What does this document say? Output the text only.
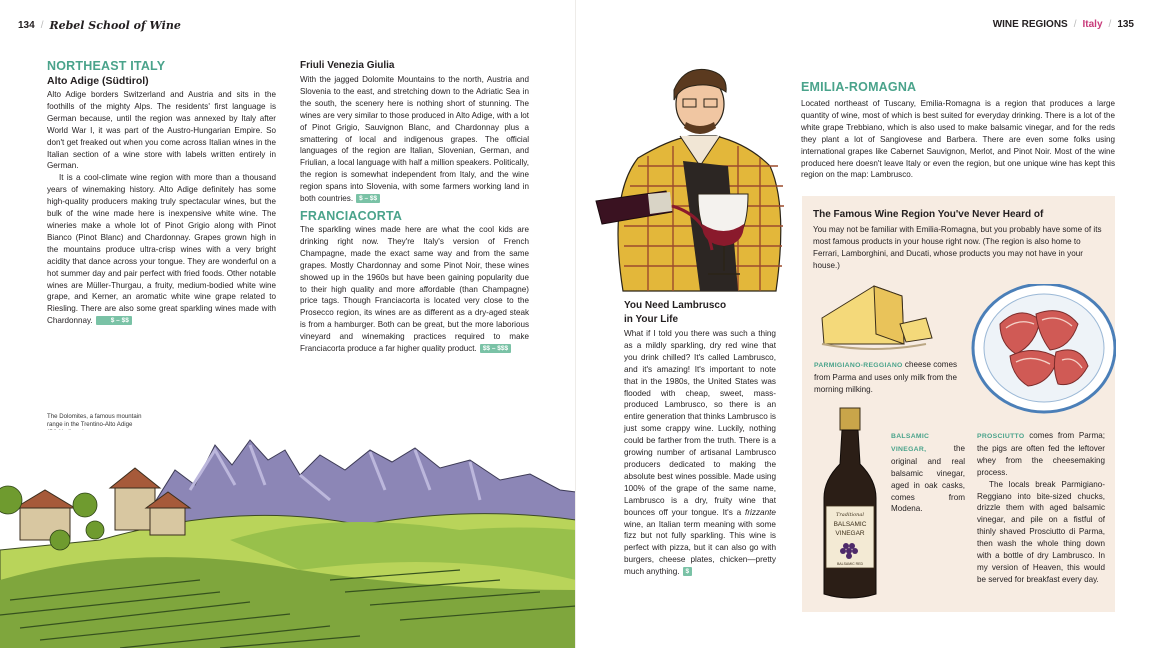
134 / Rebel School of Wine
NORTHEAST ITALY
Alto Adige (Südtirol)

Alto Adige borders Switzerland and Austria and sits in the foothills of the mighty Alps. The residents' first language is German because, until the region was annexed by Italy after World War I, it was part of the Austro-Hungarian Empire. So don't get freaked out when you come across Italian wines in the Italian section of a wine store with labels written entirely in German.

It is a cool-climate wine region with more than a thousand years of winemaking history. Alto Adige definitely has some high-quality producers making truly spectacular wines, but the bulk of the wine made here is inexpensive white wine. The wineries make a whole lot of Pinot Grigio along with Pinot Bianco (Pinot Blanc) and Chardonnay. Grapes grown high in the mountains produce ultra-crisp wines with a very bright acidity that dance across your tongue. They are wonderful on a hot summer day and pair perfect with fried foods. Other notable wines are Müller-Thurgau, a fruity, medium-bodied white wine grape, and Kerner, an aromatic white wine grape related to Riesling. There are also some great sparkling wines made with Chardonnay.	$ – $$

Friuli Venezia Giulia

With the jagged Dolomite Mountains to the north, Austria and Slovenia to the east, and stretching down to the Adriatic Sea in the south, the scenery here is nothing short of stunning. The wines are very similar to those produced in Alto Adige, with a lot of Pinot Grigio, Sauvignon Blanc, and Chardonnay plus a smattering of local and indigenous grapes. The official languages of the region are Italian, Slovenian, German, and Friulian, a local language with half a million speakers. Politically, the region is somewhat independent from Italy, and the wine region spans into Slovenia, with some farmers working land in both countries. $ – $$

FRANCIACORTA

The sparkling wines made here are what the cool kids are drinking right now. They're Italy's version of French Champagne, made the exact same way and from the same grapes. Mostly Chardonnay and some Pinot Noir, these wines showed up in the 1960s but have been gaining popularity due to their high quality and more affordable (than Champagne) price tags. Though Franciacorta is located very close to the Prosecco region, its wines are as different as a dry-aged steak is from a hamburger. Both can be great, but the more laborious vineyard and winemaking practices required to make Franciacorta produce a far higher quality product. $$ – $$$

The Dolomites, a famous mountain range in the Trentino-Alto Adige
WINE REGIONS / Italy / 135
You Need Lambrusco
in Your Life

What if I told you there was such a thing as a mildly sparkling, dry red wine that you drink chilled? It's called Lambrusco, and it's amazing! It's important to note that in the 1980s, the United States was flooded with cheap, sweet, mass-produced Lambrusco, so there is an entire generation that thinks Lambrusco is just some crappy wine. Luckily, nothing could be farther from the truth. There is a growing number of artisanal Lambrusco producers dedicated to making the absolute best wines possible. Made using 100% of the grape of the same name, Lambrusco is a dry, fruity wine that bounces off your tongue. It's a frizzante wine, an Italian term meaning with some fizz but not fully sparkling. This wine is perfect with pizza, but it can also go with burgers, cheese plates, chicken—pretty much anything. $

EMILIA-ROMAGNA

Located northeast of Tuscany, Emilia-Romagna is a region that produces a large quantity of wine, most of which is best suited for everyday drinking. There is a lot of the white grape Trebbiano, which is also used to make balsamic vinegar, and for the reds they plant a lot of Sangiovese and Barbera. There are even some folks using international grapes like Cabernet Sauvignon, Merlot, and Pinot Noir. Most of the wine produced here doesn't leave Italy or even the region, but one unique wine has kept this region on the map: Lambrusco.

The Famous Wine Region You've Never Heard of

You may not be familiar with Emilia-Romagna, but you probably have some of its most famous products in your house right now. (The region is also home to Ferrari, Lamborghini, and Ducati, whose products you may not have in your house.)

PARMIGIANO-REGGIANO cheese comes from Parma and uses only milk from the morning milking.
Traditional
BALSAMIC
VINEGAR
BALSAMIC RED
BALSAMIC VINEGAR, the original and real balsamic vinegar, aged in oak casks, comes from Modena.

PROSCIUTTO comes from Parma; the pigs are often fed the leftover whey from the cheesemaking process.

The locals break Parmigiano-Reggiano into bite-sized chucks, drizzle them with aged balsamic vinegar, and pile on a fistful of thinly shaved Prosciutto di Parma, then wash the whole thing down with a bottle of dry Lambrusco. In my version of Heaven, this would be served for breakfast every day.
